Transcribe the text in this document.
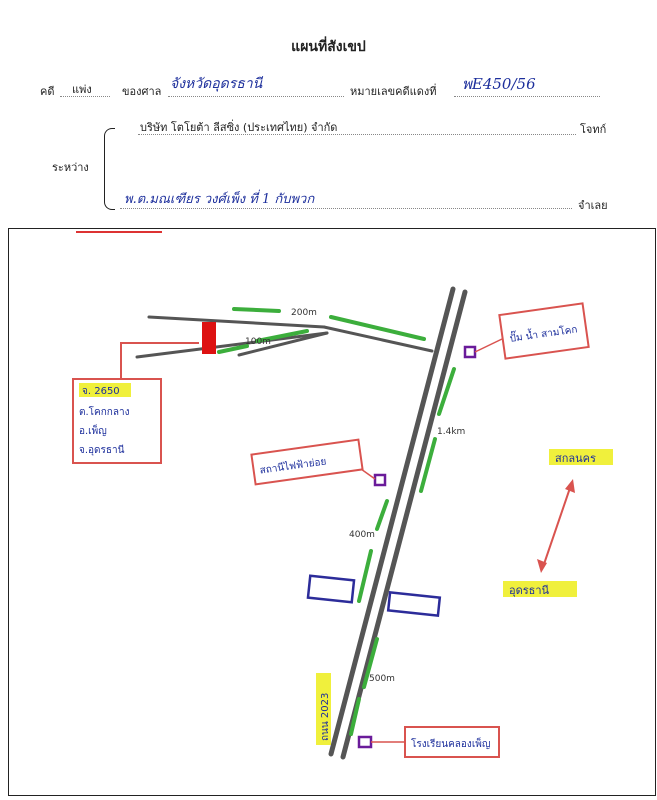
แผนที่สังเขป
คดี แพ่ง	ของศาล จังหวัดอุดรธานี	หมายเลขคดีแดงที่ พE450/56
ระหว่าง
บริษัท โตโยต้า ลีสซิ่ง (ประเทศไทย) จำกัด	โจทก์
พ.ต.มณเฑียร วงศ์เพ็ง ที่ 1 กับพวก	จำเลย
200m
100m
1.4km
400m
500m
จ. 2650
ต.โคกกลาง
อ.เพ็ญ
จ.อุดรธานี
ปั๊ม น้ำ สามโคก
สถานีไฟฟ้าย่อย
โรงเรียนคลองเพ็ญ
ถนน 2023
สกลนคร
อุดรธานี
